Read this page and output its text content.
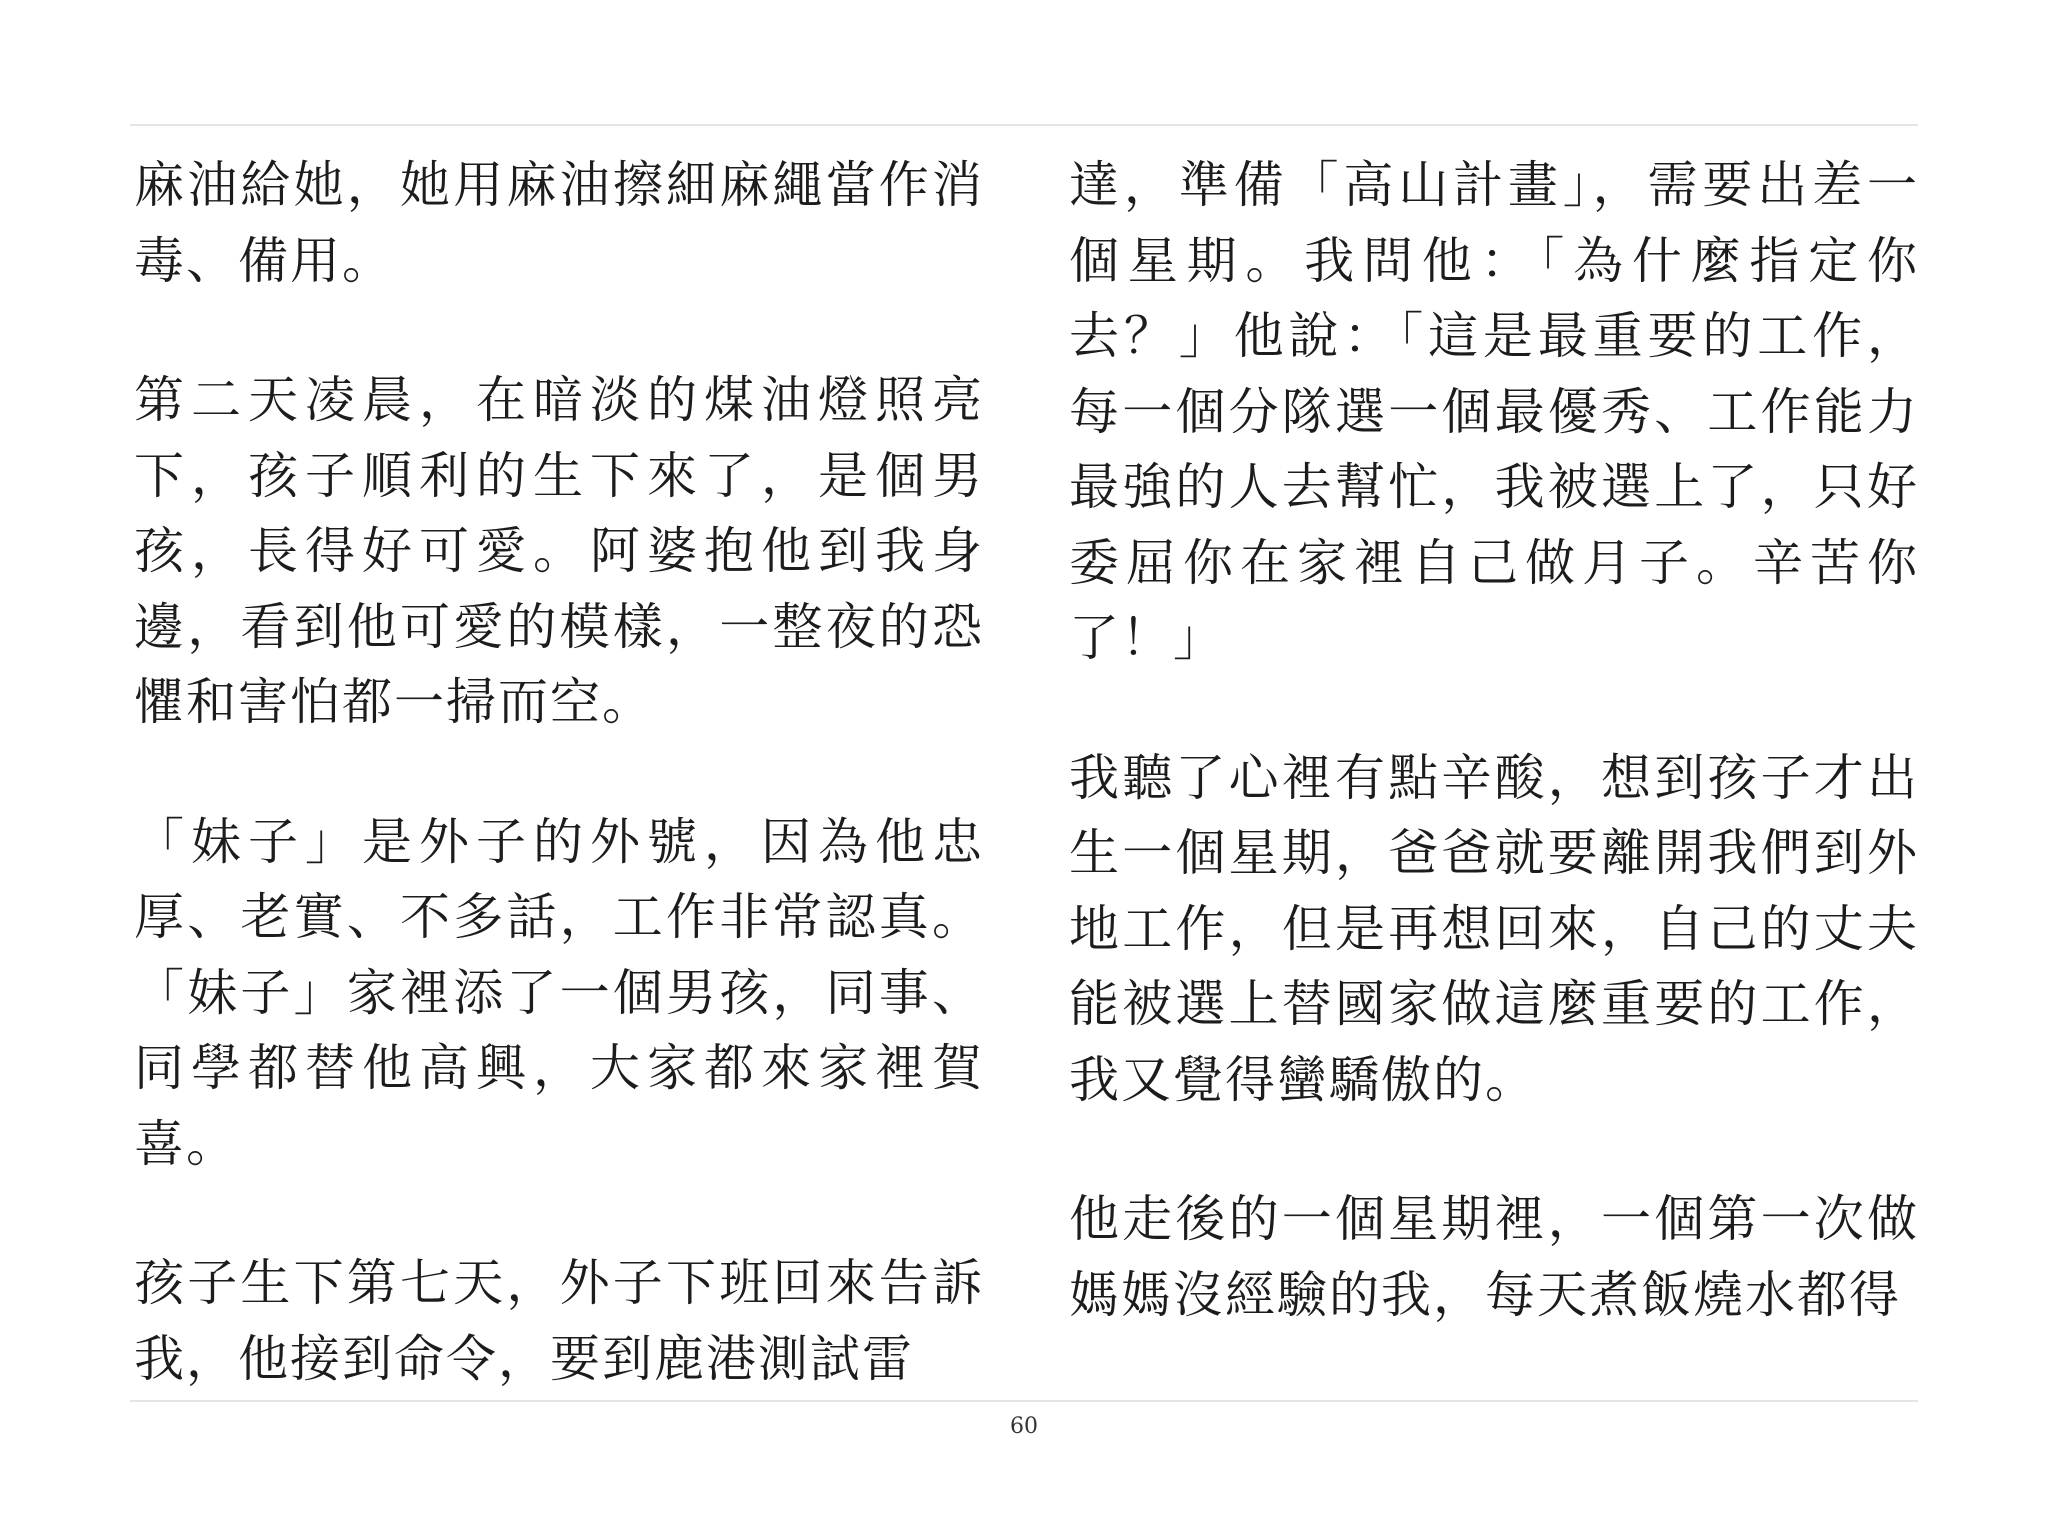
麻油給她，她用麻油擦細麻繩當作消毒、備用。

第二天凌晨，在暗淡的煤油燈照亮下，孩子順利的生下來了，是個男孩，長得好可愛。阿婆抱他到我身邊，看到他可愛的模樣，一整夜的恐懼和害怕都一掃而空。

「妹子」是外子的外號，因為他忠厚、老實、不多話，工作非常認真。「妹子」家裡添了一個男孩，同事、同學都替他高興，大家都來家裡賀喜。

孩子生下第七天，外子下班回來告訴我，他接到命令，要到鹿港測試雷

達，準備「高山計畫」，需要出差一個星期。我問他：「為什麼指定你去？」他說：「這是最重要的工作，每一個分隊選一個最優秀、工作能力最強的人去幫忙，我被選上了，只好委屈你在家裡自己做月子。辛苦你了！」

我聽了心裡有點辛酸，想到孩子才出生一個星期，爸爸就要離開我們到外地工作，但是再想回來，自己的丈夫能被選上替國家做這麼重要的工作，我又覺得蠻驕傲的。

他走後的一個星期裡，一個第一次做媽媽沒經驗的我，每天煮飯燒水都得

60
